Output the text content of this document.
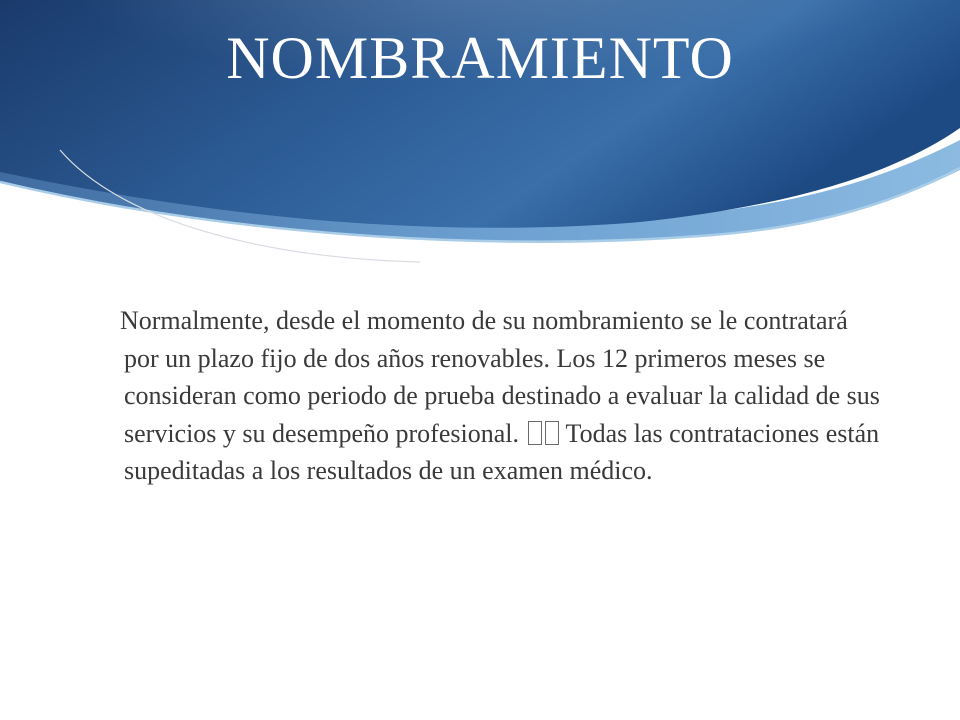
NOMBRAMIENTO

Normalmente, desde el momento de su nombramiento se le contratará por un plazo fijo de dos años renovables. Los 12 primeros meses se consideran como periodo de prueba destinado a evaluar la calidad de sus servicios y su desempeño profesional.  Todas las contrataciones están supeditadas a los resultados de un examen médico.
